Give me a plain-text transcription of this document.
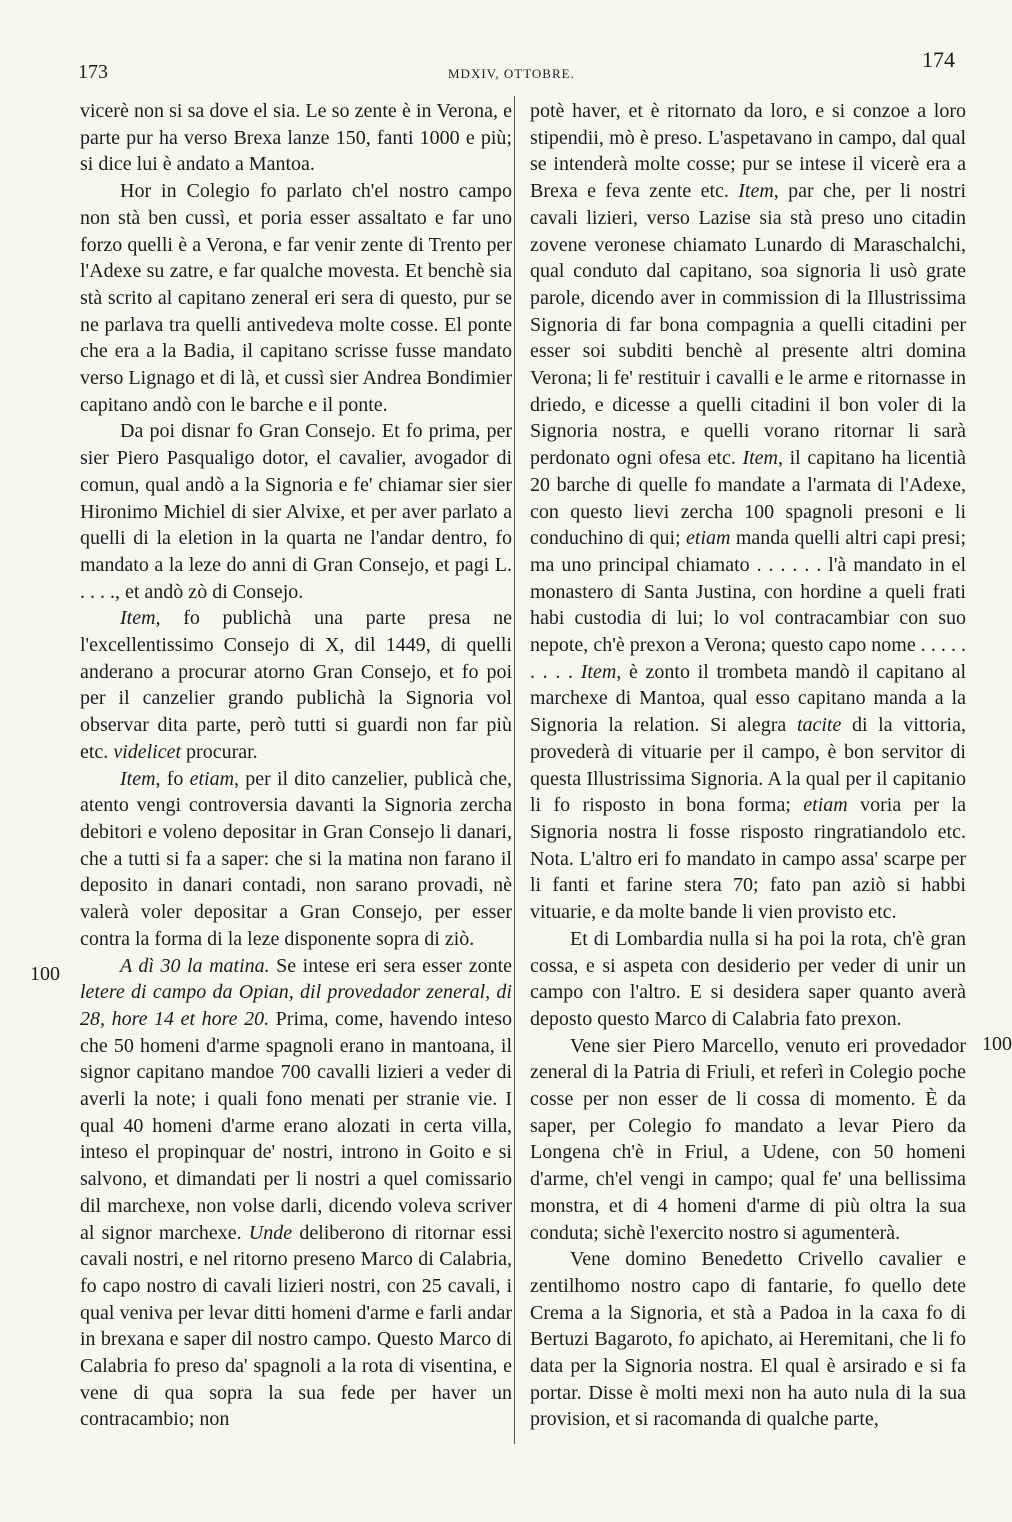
173	MDXIV, OTTOBRE.
174
100
100

vicerè non si sa dove el sia. Le so zente è in Verona, e parte pur ha verso Brexa lanze 150, fanti 1000 e più; si dice lui è andato a Mantoa.

Hor in Colegio fo parlato ch'el nostro campo non stà ben cussì, et poria esser assaltato e far uno forzo quelli è a Verona, e far venir zente di Trento per l'Adexe su zatre, e far qualche movesta. Et benchè sia stà scrito al capitano zeneral eri sera di questo, pur se ne parlava tra quelli antivedeva molte cosse. El ponte che era a la Badia, il capitano scrisse fusse mandato verso Lignago et di là, et cussì sier Andrea Bondimier capitano andò con le barche e il ponte.

Da poi disnar fo Gran Consejo. Et fo prima, per sier Piero Pasqualigo dotor, el cavalier, avogador di comun, qual andò a la Signoria e fe' chiamar sier sier Hironimo Michiel di sier Alvixe, et per aver parlato a quelli di la eletion in la quarta ne l'andar dentro, fo mandato a la leze do anni di Gran Consejo, et pagi L. . . . ., et andò zò di Consejo.

Item, fo publichà una parte presa ne l'excellentissimo Consejo di X, dil 1449, di quelli anderano a procurar atorno Gran Consejo, et fo poi per il canzelier grando publichà la Signoria vol observar dita parte, però tutti si guardi non far più etc. videlicet procurar.

Item, fo etiam, per il dito canzelier, publicà che, atento vengi controversia davanti la Signoria zercha debitori e voleno depositar in Gran Consejo li danari, che a tutti si fa a saper: che si la matina non farano il deposito in danari contadi, non sarano provadi, nè valerà voler depositar a Gran Consejo, per esser contra la forma di la leze disponente sopra di ziò.

A dì 30 la matina. Se intese eri sera esser zonte letere di campo da Opian, dil provedador zeneral, di 28, hore 14 et hore 20. Prima, come, havendo inteso che 50 homeni d'arme spagnoli erano in mantoana, il signor capitano mandoe 700 cavalli lizieri a veder di averli la note; i quali fono menati per stranie vie. I qual 40 homeni d'arme erano alozati in certa villa, inteso el propinquar de' nostri, introno in Goito e si salvono, et dimandati per li nostri a quel comissario dil marchexe, non volse darli, dicendo voleva scriver al signor marchexe. Unde deliberono di ritornar essi cavali nostri, e nel ritorno preseno Marco di Calabria, fo capo nostro di cavali lizieri nostri, con 25 cavali, i qual veniva per levar ditti homeni d'arme e farli andar in brexana e saper dil nostro campo. Questo Marco di Calabria fo preso da' spagnoli a la rota di visentina, e vene di qua sopra la sua fede per haver un contracambio; non

potè haver, et è ritornato da loro, e si conzoe a loro stipendii, mò è preso. L'aspetavano in campo, dal qual se intenderà molte cosse; pur se intese il vicerè era a Brexa e feva zente etc. Item, par che, per li nostri cavali lizieri, verso Lazise sia stà preso uno citadin zovene veronese chiamato Lunardo di Maraschalchi, qual conduto dal capitano, soa signoria li usò grate parole, dicendo aver in commission di la Illustrissima Signoria di far bona compagnia a quelli citadini per esser soi subditi benchè al presente altri domina Verona; li fe' restituir i cavalli e le arme e ritornasse in driedo, e dicesse a quelli citadini il bon voler di la Signoria nostra, e quelli vorano ritornar li sarà perdonato ogni ofesa etc. Item, il capitano ha licentià 20 barche di quelle fo mandate a l'armata di l'Adexe, con questo lievi zercha 100 spagnoli presoni e li conduchino di qui; etiam manda quelli altri capi presi; ma uno principal chiamato . . . . . . l'à mandato in el monastero di Santa Justina, con hordine a queli frati habi custodia di lui; lo vol contracambiar con suo nepote, ch'è prexon a Verona; questo capo nome . . . . . . . . . Item, è zonto il trombeta mandò il capitano al marchexe di Mantoa, qual esso capitano manda a la Signoria la relation. Si alegra tacite di la vittoria, provederà di vituarie per il campo, è bon servitor di questa Illustrissima Signoria. A la qual per il capitanio li fo risposto in bona forma; etiam voria per la Signoria nostra li fosse risposto ringratiandolo etc. Nota. L'altro eri fo mandato in campo assa' scarpe per li fanti et farine stera 70; fato pan aziò si habbi vituarie, e da molte bande li vien provisto etc.

Et di Lombardia nulla si ha poi la rota, ch'è gran cossa, e si aspeta con desiderio per veder di unir un campo con l'altro. E si desidera saper quanto averà deposto questo Marco di Calabria fato prexon.

Vene sier Piero Marcello, venuto eri provedador zeneral di la Patria di Friuli, et referì in Colegio poche cosse per non esser de li cossa di momento. È da saper, per Colegio fo mandato a levar Piero da Longena ch'è in Friul, a Udene, con 50 homeni d'arme, ch'el vengi in campo; qual fe' una bellissima monstra, et di 4 homeni d'arme di più oltra la sua conduta; sichè l'exercito nostro si agumenterà.

Vene domino Benedetto Crivello cavalier e zentilhomo nostro capo di fantarie, fo quello dete Crema a la Signoria, et stà a Padoa in la caxa fo di Bertuzi Bagaroto, fo apichato, ai Heremitani, che li fo data per la Signoria nostra. El qual è arsirado e si fa portar. Disse è molti mexi non ha auto nula di la sua provision, et si racomanda di qualche parte,
